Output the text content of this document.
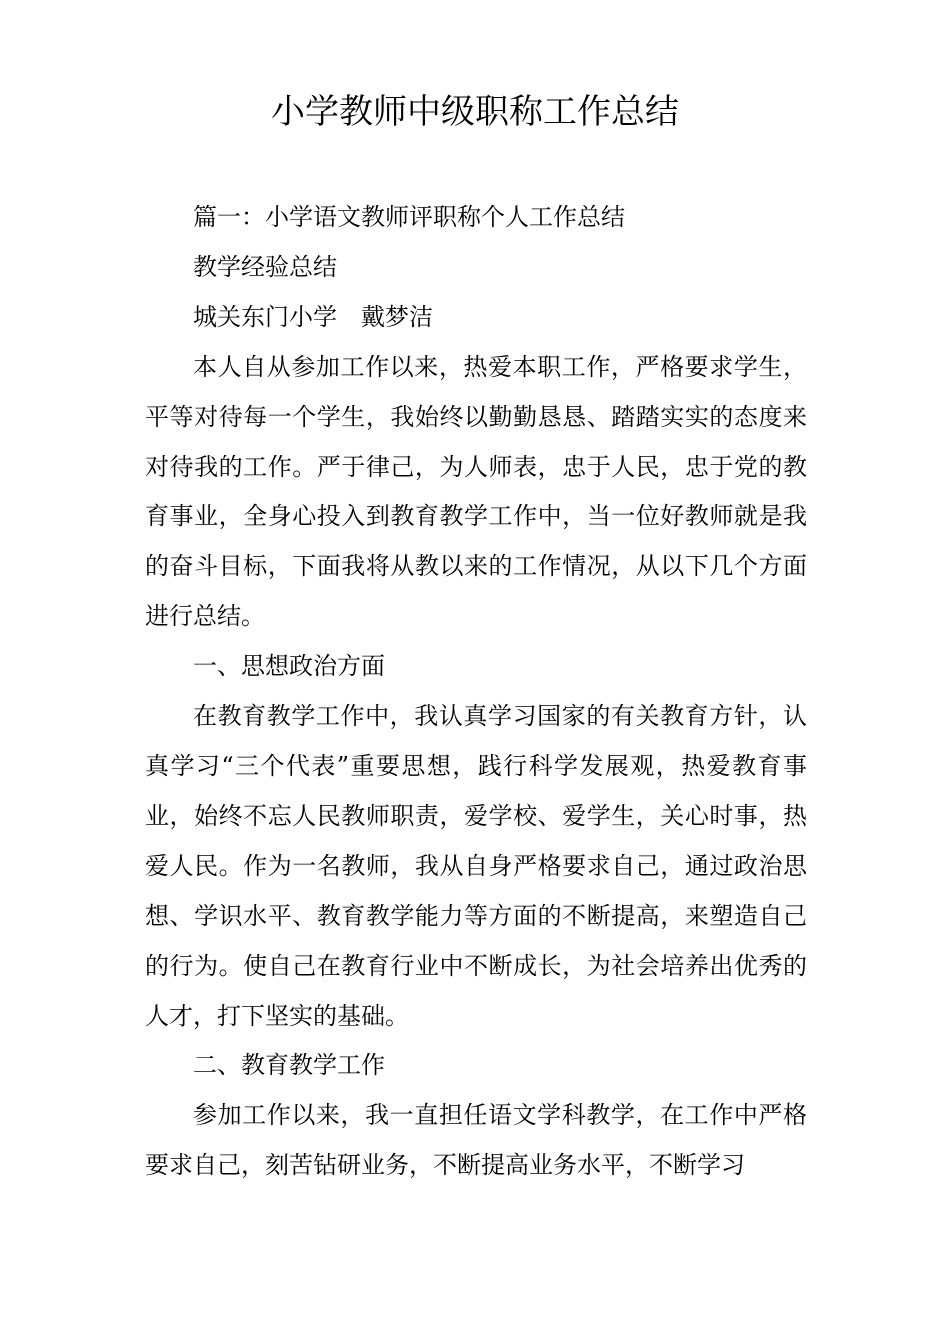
小学教师中级职称工作总结

篇一：小学语文教师评职称个人工作总结

教学经验总结

城关东门小学　戴梦洁

本人自从参加工作以来，热爱本职工作，严格要求学生，平等对待每一个学生，我始终以勤勤恳恳、踏踏实实的态度来对待我的工作。严于律己，为人师表，忠于人民，忠于党的教育事业，全身心投入到教育教学工作中，当一位好教师就是我的奋斗目标，下面我将从教以来的工作情况，从以下几个方面进行总结。

一、思想政治方面

在教育教学工作中，我认真学习国家的有关教育方针，认真学习“三个代表”重要思想，践行科学发展观，热爱教育事业，始终不忘人民教师职责，爱学校、爱学生，关心时事，热爱人民。作为一名教师，我从自身严格要求自己，通过政治思想、学识水平、教育教学能力等方面的不断提高，来塑造自己的行为。使自己在教育行业中不断成长，为社会培养出优秀的人才，打下坚实的基础。

二、教育教学工作

参加工作以来，我一直担任语文学科教学，在工作中严格要求自己，刻苦钻研业务，不断提高业务水平，不断学习
